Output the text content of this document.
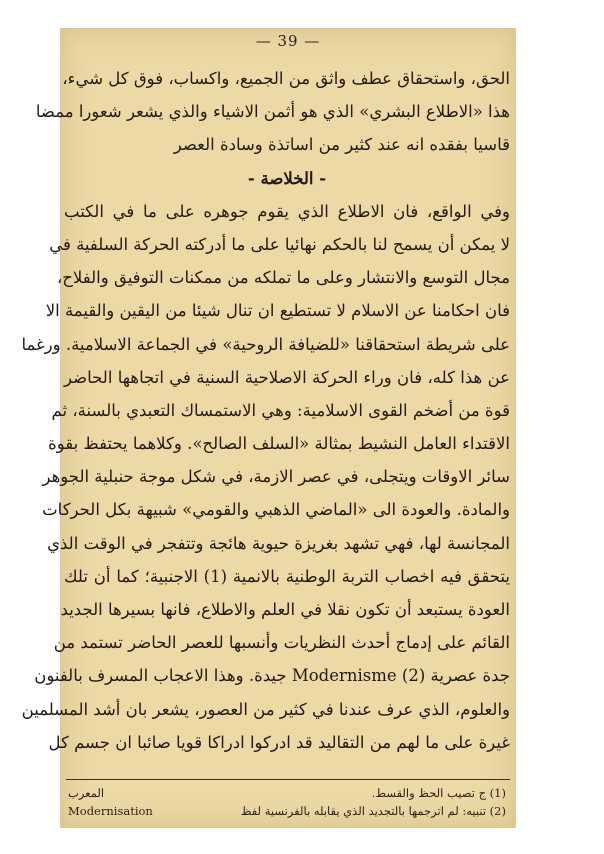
— 39 —
الحق، واستحقاق عطف واثق من الجميع، واكساب، فوق كل شيء،
هذا «الاطلاع البشري» الذي هو أثمن الاشياء والذي يشعر شعورا ممضا
قاسيا بفقده انه عند كثير من اساتذة وسادة العصر
- الخلاصة -
وفي الواقع، فان الاطلاع الذي يقوم جوهره على ما في الكتب
لا يمكن أن يسمح لنا بالحكم نهائيا على ما أدركته الحركة السلفية في
مجال التوسع والانتشار وعلى ما تملكه من ممكنات التوفيق والفلاح،
فان احكامنا عن الاسلام لا تستطيع ان تنال شيئا من اليقين والقيمة الا
على شريطة استحقاقنا «للضيافة الروحية» في الجماعة الاسلامية. ورغما
عن هذا كله، فان وراء الحركة الاصلاحية السنية في اتجاهها الحاضر
قوة من أضخم القوى الاسلامية: وهي الاستمساك التعبدي بالسنة، ثم
الاقتداء العامل النشيط بمثالة «السلف الصالح». وكلاهما يحتفظ بقوة
سائر الاوقات ويتجلى، في عصر الازمة، في شكل موجة حنبلية الجوهر
والمادة. والعودة الى «الماضي الذهبي والقومي» شبيهة بكل الحركات
المجانسة لها، فهي تشهد بغريزة حيوية هائجة وتتفجر في الوقت الذي
يتحقق فيه اخصاب التربة الوطنية بالانمية (1) الاجنبية؛ كما أن تلك
العودة يستبعد أن تكون نقلا في العلم والاطلاع، فانها بسيرها الجديد
القائم على إدماج أحدث النظريات وأنسبها للعصر الحاضر تستمد من
جدة عصرية Modernisme (2) جيدة. وهذا الاعجاب المسرف بالفنون
والعلوم، الذي عرف عندنا في كثير من العصور، يشعر بان أشد المسلمين
غيرة على ما لهم من التقاليد قد ادركوا ادراكا قويا صائبا ان جسم كل
(1) ج تصيب الحظ والقسط.
المعرب
(2) تنبيه: لم اترجمها بالتجديد الذي يقابله بالفرنسية لفظ
Modernisation
